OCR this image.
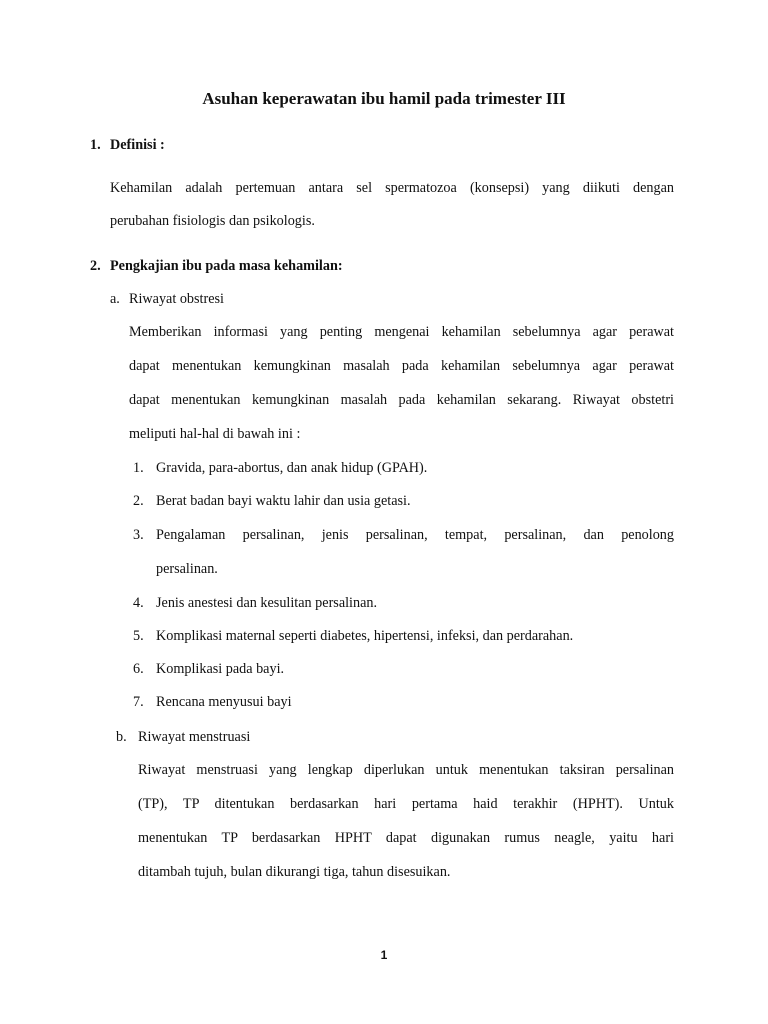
Asuhan keperawatan ibu hamil pada trimester III
1. Definisi :
Kehamilan adalah pertemuan antara sel spermatozoa (konsepsi) yang diikuti dengan
perubahan fisiologis dan psikologis.
2. Pengkajian ibu pada masa kehamilan:
a. Riwayat obstresi
Memberikan informasi yang penting mengenai kehamilan sebelumnya agar perawat
dapat menentukan kemungkinan masalah pada kehamilan sebelumnya agar perawat
dapat menentukan kemungkinan masalah pada kehamilan sekarang. Riwayat obstetri
meliputi hal-hal di bawah ini :
1. Gravida, para-abortus, dan anak hidup (GPAH).
2. Berat badan bayi waktu lahir dan usia getasi.
3. Pengalaman persalinan, jenis persalinan, tempat, persalinan, dan penolong
persalinan.
4. Jenis anestesi dan kesulitan persalinan.
5. Komplikasi maternal seperti diabetes, hipertensi, infeksi, dan perdarahan.
6. Komplikasi pada bayi.
7. Rencana menyusui bayi
b. Riwayat menstruasi
Riwayat menstruasi yang lengkap diperlukan untuk menentukan taksiran persalinan
(TP), TP ditentukan berdasarkan hari pertama haid terakhir (HPHT). Untuk
menentukan TP berdasarkan HPHT dapat digunakan rumus neagle, yaitu hari
ditambah tujuh, bulan dikurangi tiga, tahun disesuikan.
1
